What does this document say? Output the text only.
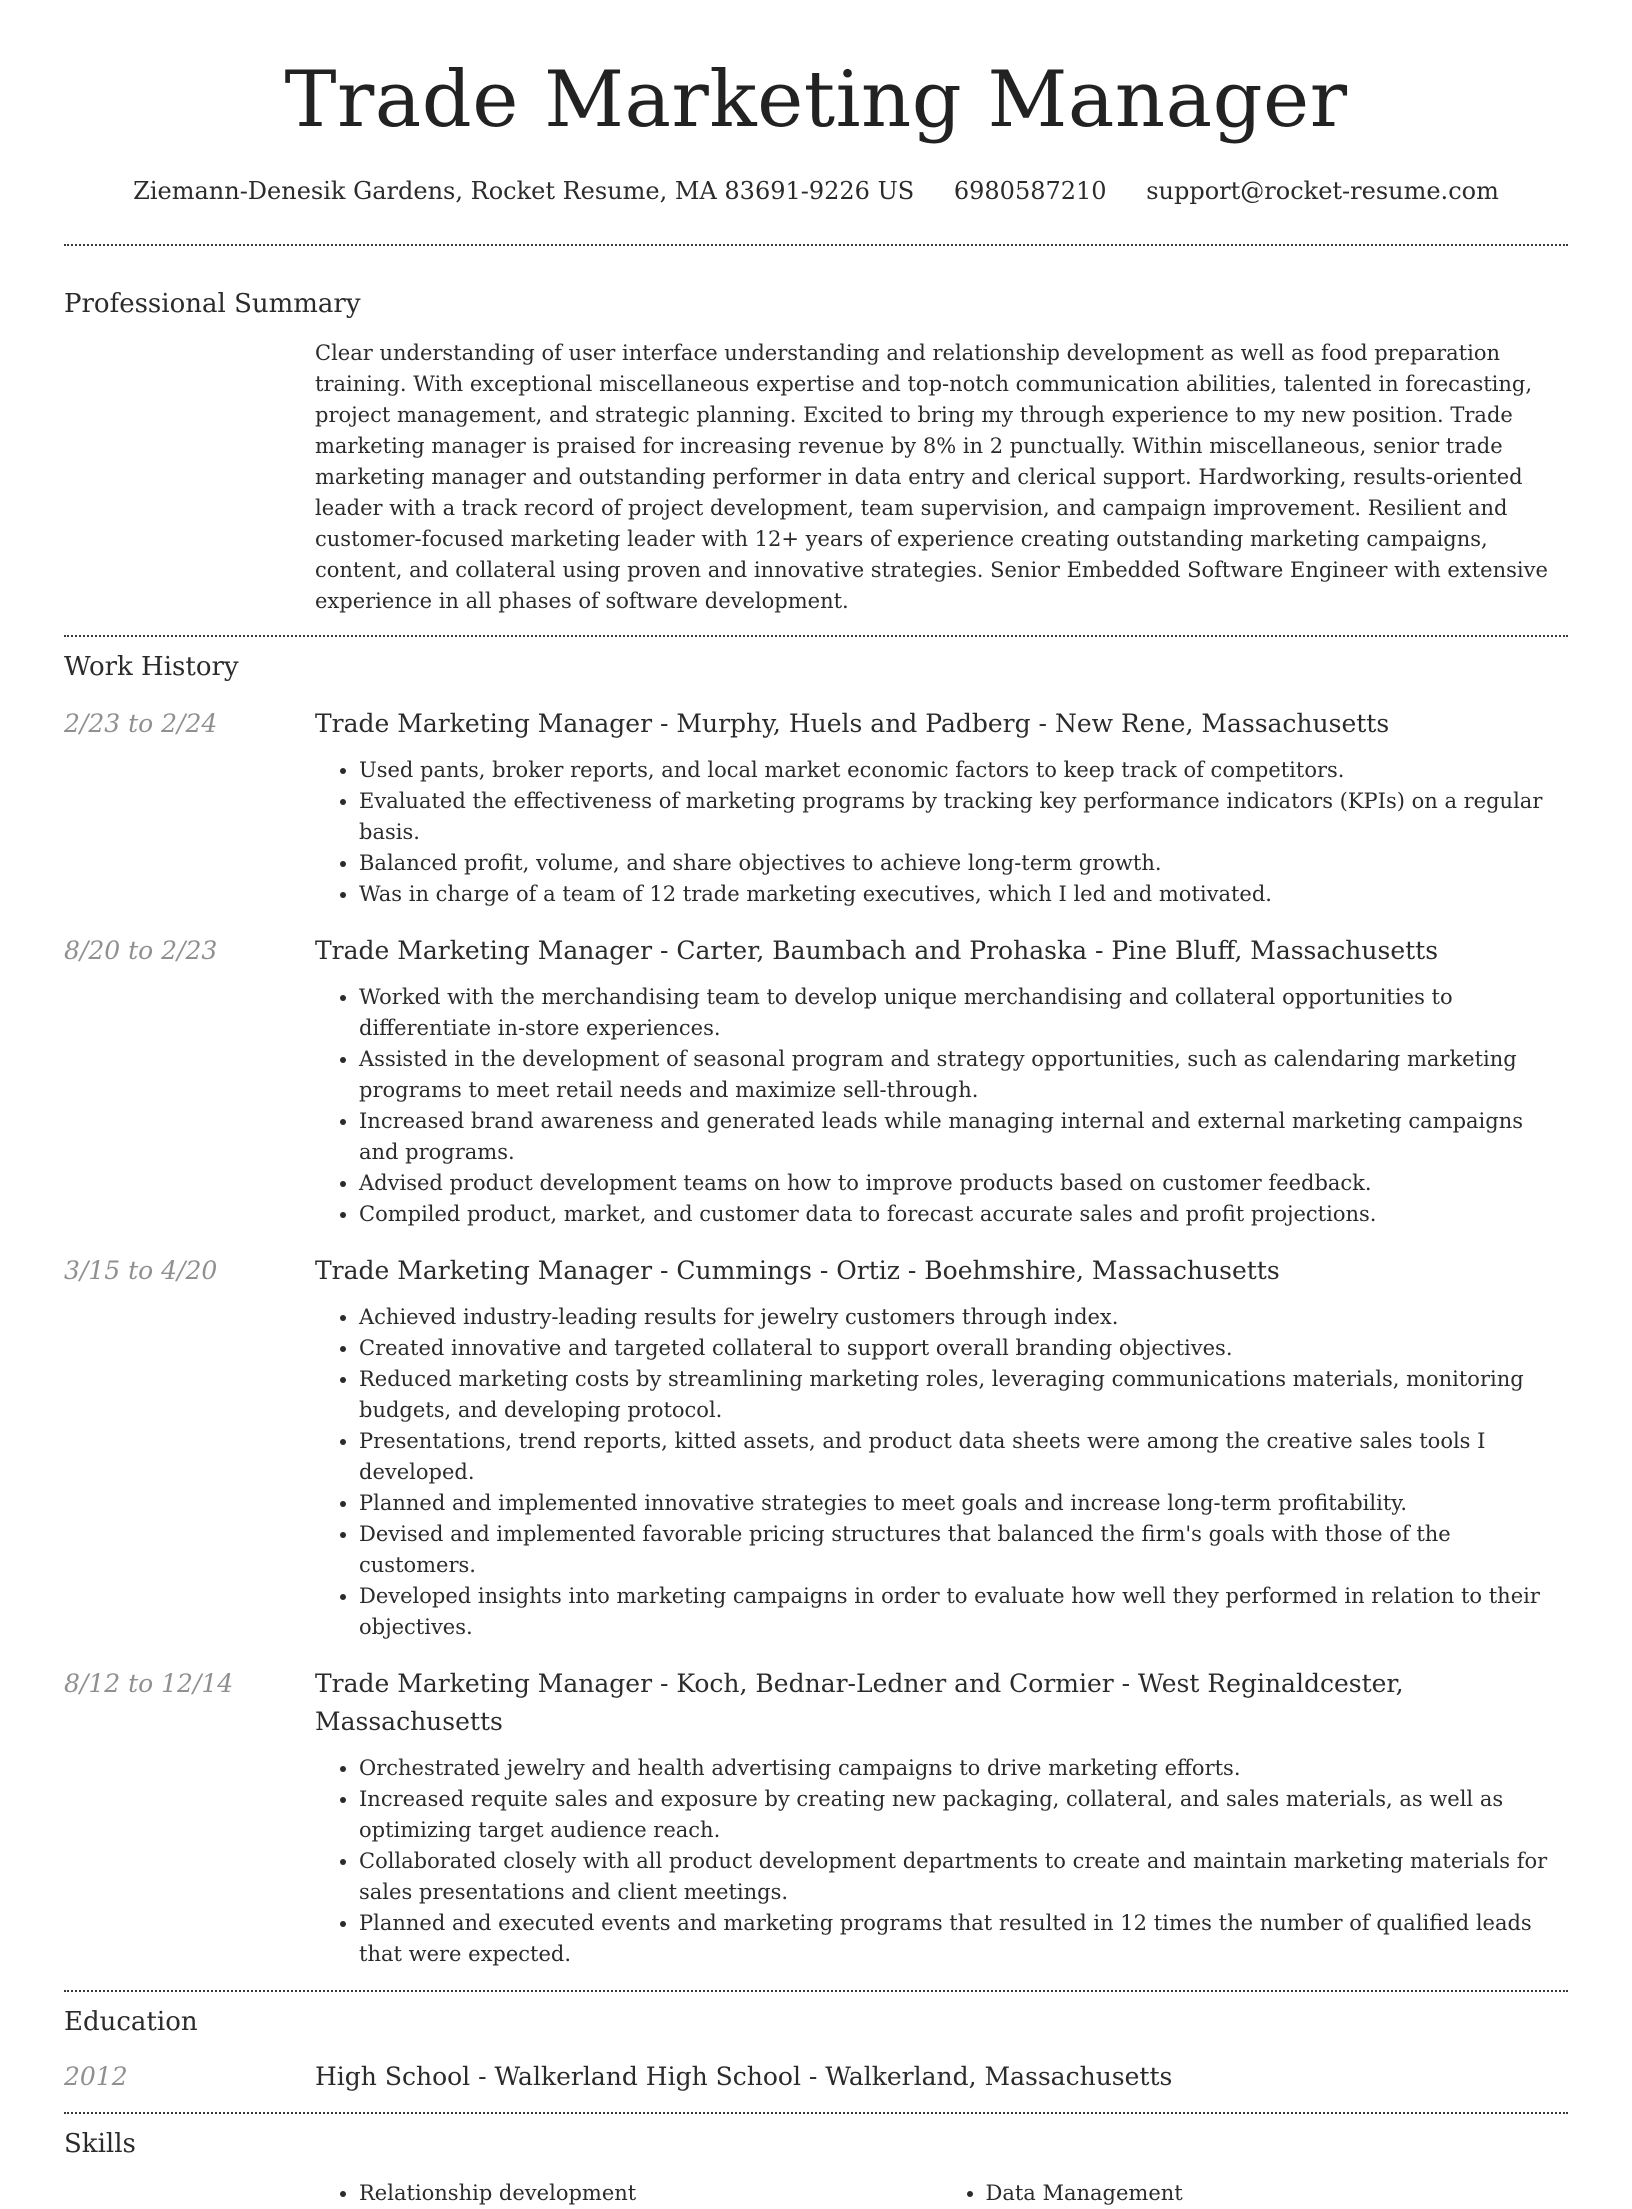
Trade Marketing Manager
Ziemann-Denesik Gardens, Rocket Resume, MA 83691-9226 US 6980587210 support@rocket-resume.com
Professional Summary
Clear understanding of user interface understanding and relationship development as well as food preparation training. With exceptional miscellaneous expertise and top-notch communication abilities, talented in forecasting, project management, and strategic planning. Excited to bring my through experience to my new position. Trade marketing manager is praised for increasing revenue by 8% in 2 punctually. Within miscellaneous, senior trade marketing manager and outstanding performer in data entry and clerical support. Hardworking, results-oriented leader with a track record of project development, team supervision, and campaign improvement. Resilient and customer-focused marketing leader with 12+ years of experience creating outstanding marketing campaigns, content, and collateral using proven and innovative strategies. Senior Embedded Software Engineer with extensive experience in all phases of software development.
Work History
2/23 to 2/24	Trade Marketing Manager - Murphy, Huels and Padberg - New Rene, Massachusetts
• Used pants, broker reports, and local market economic factors to keep track of competitors.
• Evaluated the effectiveness of marketing programs by tracking key performance indicators (KPIs) on a regular basis.
• Balanced profit, volume, and share objectives to achieve long-term growth.
• Was in charge of a team of 12 trade marketing executives, which I led and motivated.
8/20 to 2/23	Trade Marketing Manager - Carter, Baumbach and Prohaska - Pine Bluff, Massachusetts
• Worked with the merchandising team to develop unique merchandising and collateral opportunities to differentiate in-store experiences.
• Assisted in the development of seasonal program and strategy opportunities, such as calendaring marketing programs to meet retail needs and maximize sell-through.
• Increased brand awareness and generated leads while managing internal and external marketing campaigns and programs.
• Advised product development teams on how to improve products based on customer feedback.
• Compiled product, market, and customer data to forecast accurate sales and profit projections.
3/15 to 4/20	Trade Marketing Manager - Cummings - Ortiz - Boehmshire, Massachusetts
• Achieved industry-leading results for jewelry customers through index.
• Created innovative and targeted collateral to support overall branding objectives.
• Reduced marketing costs by streamlining marketing roles, leveraging communications materials, monitoring budgets, and developing protocol.
• Presentations, trend reports, kitted assets, and product data sheets were among the creative sales tools I developed.
• Planned and implemented innovative strategies to meet goals and increase long-term profitability.
• Devised and implemented favorable pricing structures that balanced the firm's goals with those of the customers.
• Developed insights into marketing campaigns in order to evaluate how well they performed in relation to their objectives.
8/12 to 12/14	Trade Marketing Manager - Koch, Bednar-Ledner and Cormier - West Reginaldcester, Massachusetts
• Orchestrated jewelry and health advertising campaigns to drive marketing efforts.
• Increased requite sales and exposure by creating new packaging, collateral, and sales materials, as well as optimizing target audience reach.
• Collaborated closely with all product development departments to create and maintain marketing materials for sales presentations and client meetings.
• Planned and executed events and marketing programs that resulted in 12 times the number of qualified leads that were expected.
Education
2012	High School - Walkerland High School - Walkerland, Massachusetts
Skills
• Relationship development
•	Data Management
